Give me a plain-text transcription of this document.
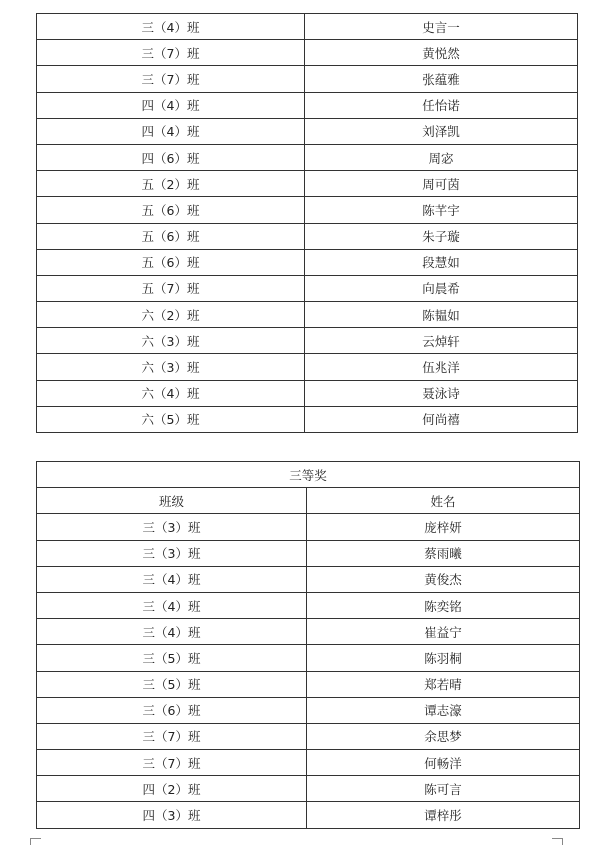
三（4）班	史言一
三（7）班	黄悦然
三（7）班	张蕴雅
四（4）班	任怡诺
四（4）班	刘泽凯
四（6）班	周宓
五（2）班	周可茵
五（6）班	陈芊宇
五（6）班	朱子璇
五（6）班	段慧如
五（7）班	向晨希
六（2）班	陈韫如
六（3）班	云焯轩
六（3）班	伍兆洋
六（4）班	聂泳诗
六（5）班	何尚禧
三等奖	
班级	姓名
三（3）班	庞梓妍
三（3）班	蔡雨曦
三（4）班	黄俊杰
三（4）班	陈奕铭
三（4）班	崔益宁
三（5）班	陈羽桐
三（5）班	郑若晴
三（6）班	谭志濠
三（7）班	余思梦
三（7）班	何畅洋
四（2）班	陈可言
四（3）班	谭梓彤
